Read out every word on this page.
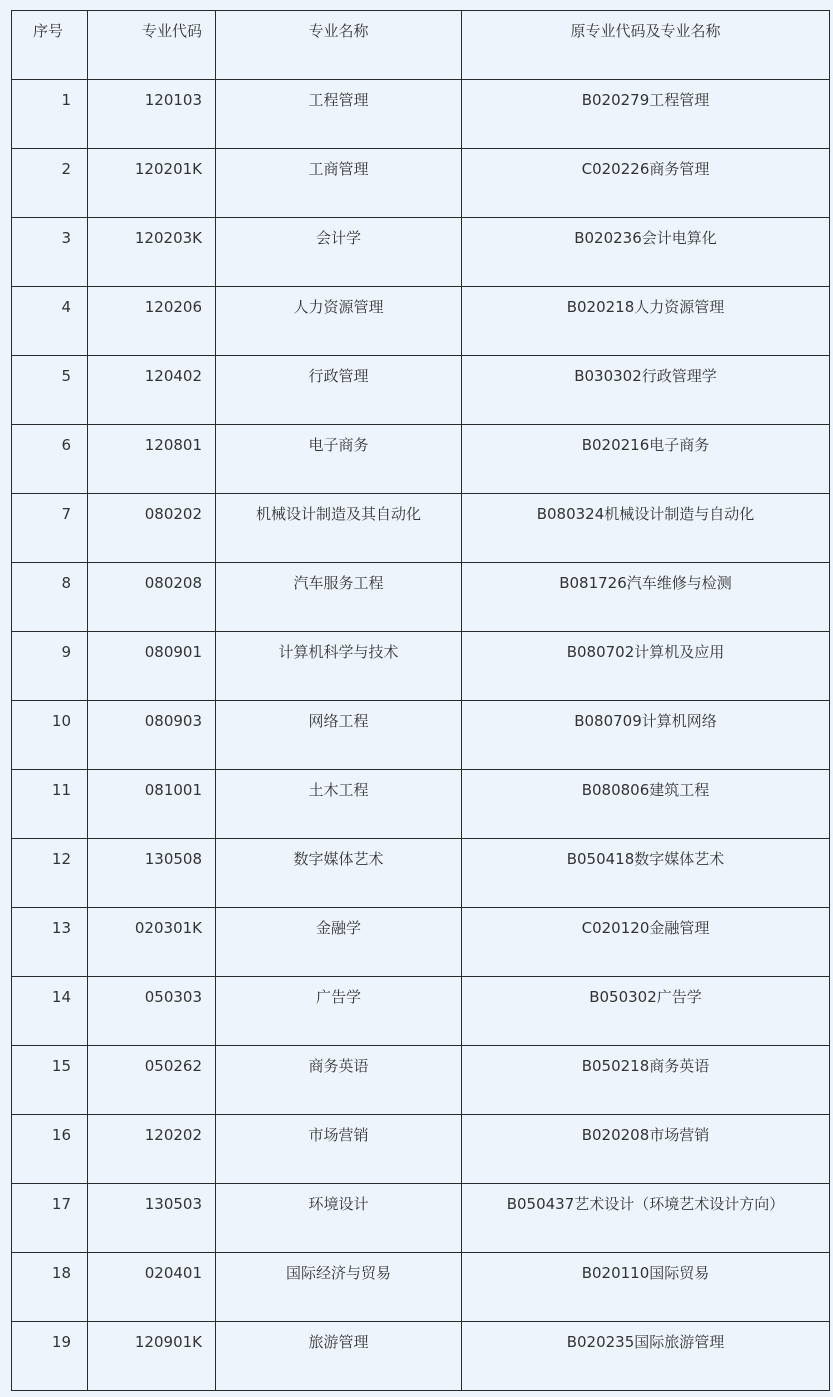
序号	专业代码	专业名称	原专业代码及专业名称

1	120103	工程管理	B020279工程管理

2	120201K	工商管理	C020226商务管理

3	120203K	会计学	B020236会计电算化

4	120206	人力资源管理	B020218人力资源管理

5	120402	行政管理	B030302行政管理学

6	120801	电子商务	B020216电子商务

7	080202	机械设计制造及其自动化	B080324机械设计制造与自动化

8	080208	汽车服务工程	B081726汽车维修与检测

9	080901	计算机科学与技术	B080702计算机及应用

10	080903	网络工程	B080709计算机网络

11	081001	土木工程	B080806建筑工程

12	130508	数字媒体艺术	B050418数字媒体艺术

13	020301K	金融学	C020120金融管理

14	050303	广告学	B050302广告学

15	050262	商务英语	B050218商务英语

16	120202	市场营销	B020208市场营销

17	130503	环境设计	B050437艺术设计（环境艺术设计方向）

18	020401	国际经济与贸易	B020110国际贸易

19	120901K	旅游管理	B020235国际旅游管理
